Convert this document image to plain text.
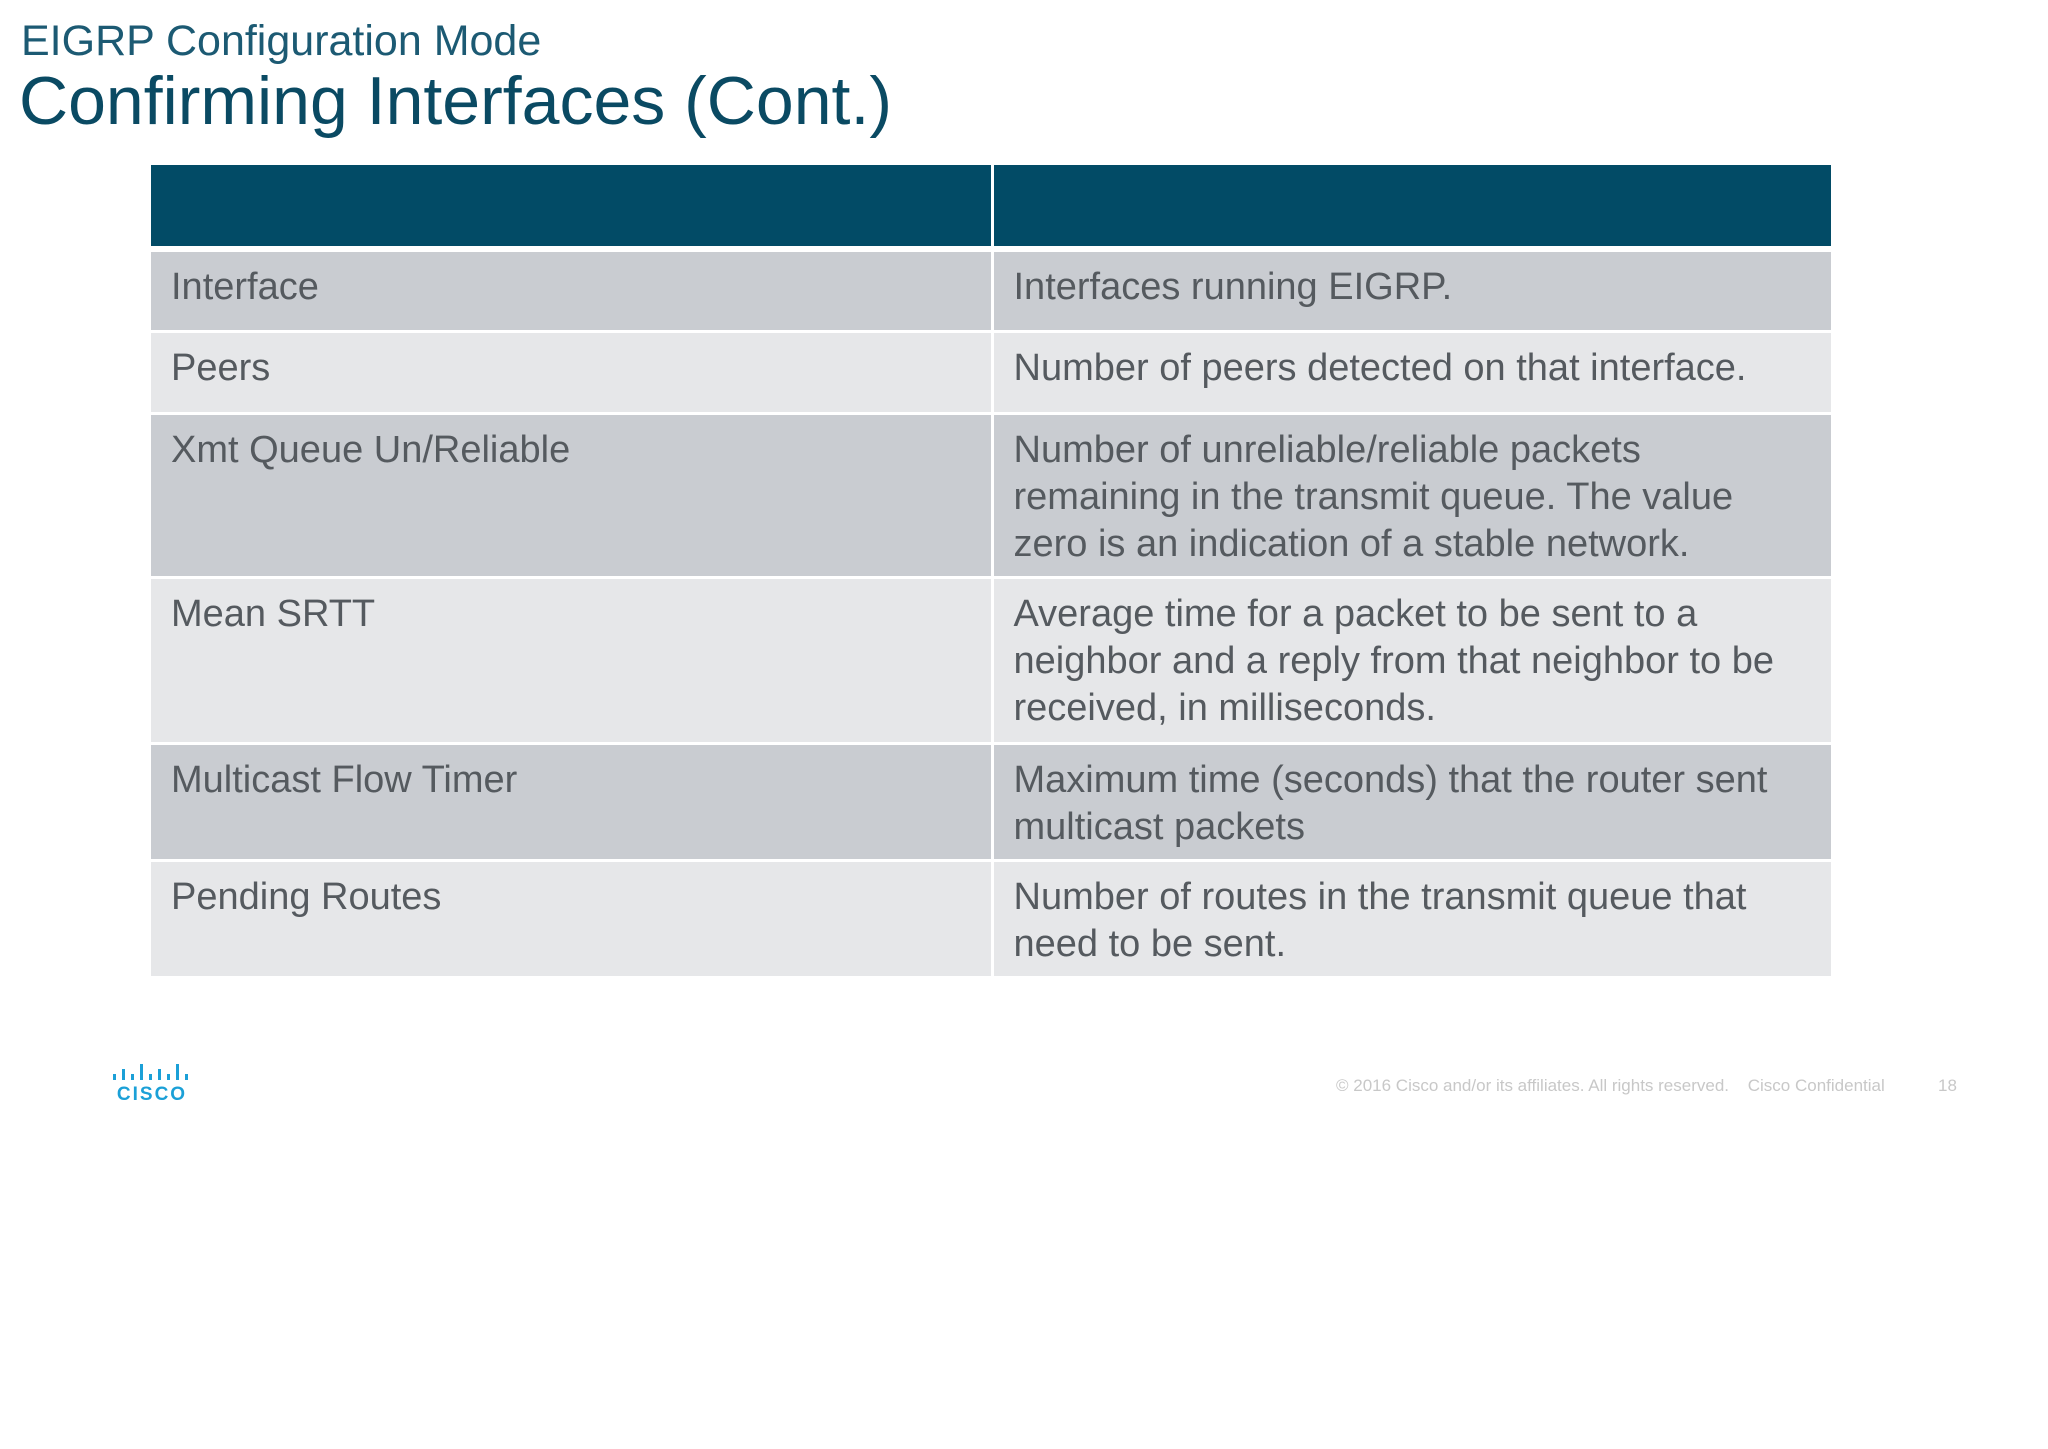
EIGRP Configuration Mode
Confirming Interfaces (Cont.)

Interface	Interfaces running EIGRP.
Peers	Number of peers detected on that interface.
Xmt Queue Un/Reliable	Number of unreliable/reliable packets remaining in the transmit queue. The value zero is an indication of a stable network.
Mean SRTT	Average time for a packet to be sent to a neighbor and a reply from that neighbor to be received, in milliseconds.
Multicast Flow Timer	Maximum time (seconds) that the router sent multicast packets
Pending Routes	Number of routes in the transmit queue that need to be sent.
CISCO	© 2016 Cisco and/or its affiliates. All rights reserved. Cisco Confidential	18
